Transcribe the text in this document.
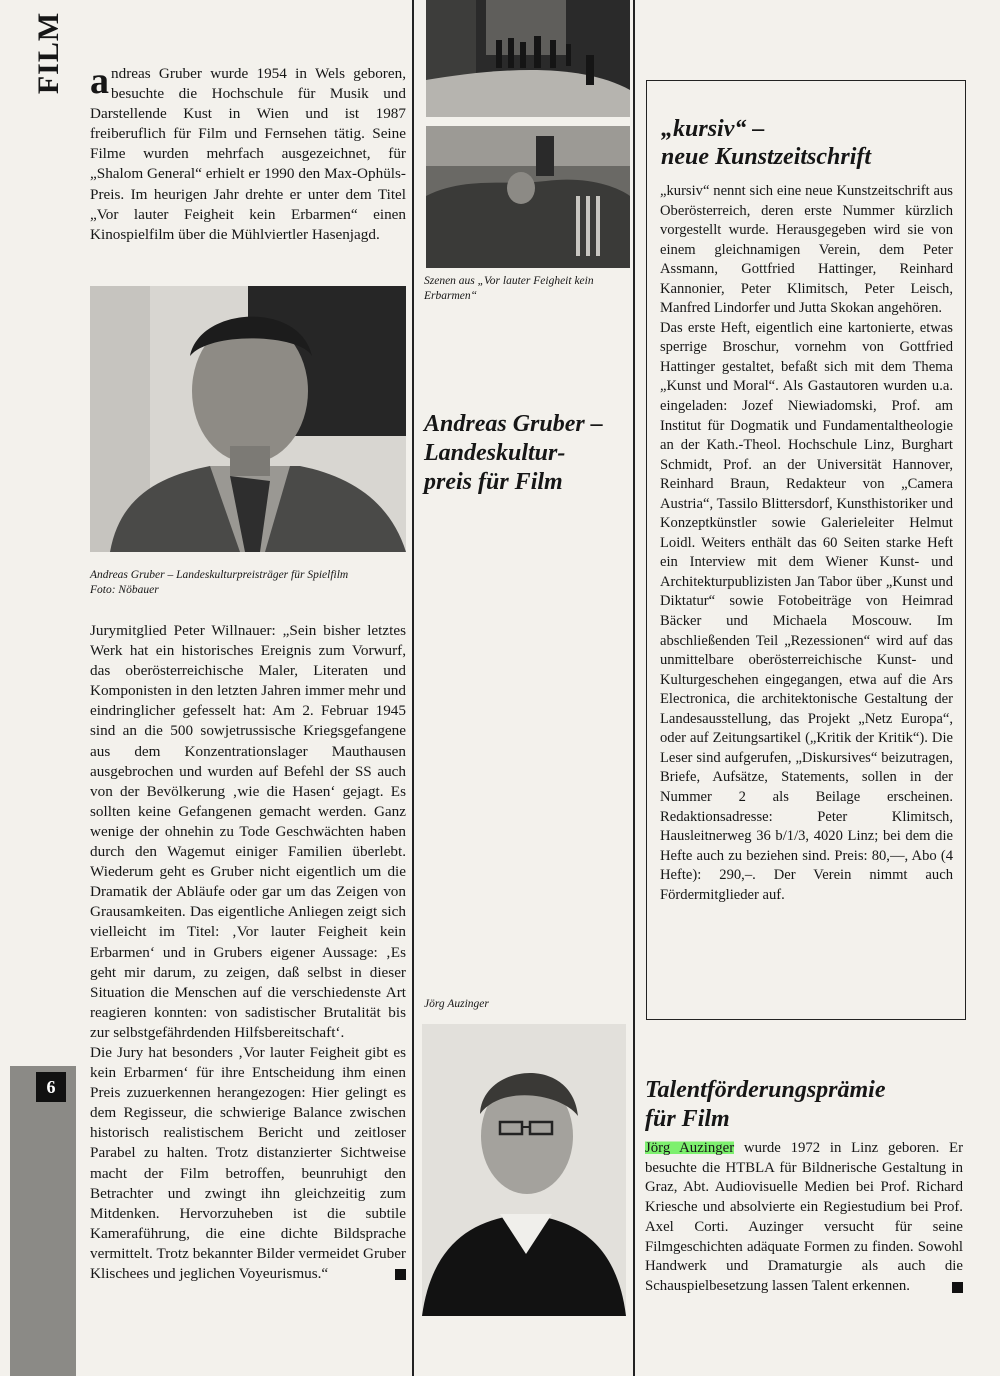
FILM
6
andreas Gruber wurde 1954 in Wels geboren, besuchte die Hochschule für Musik und Darstellende Kust in Wien und ist 1987 freiberuflich für Film und Fernsehen tätig. Seine Filme wurden mehrfach ausgezeichnet, für „Shalom General“ erhielt er 1990 den Max-Ophüls-Preis. Im heurigen Jahr drehte er unter dem Titel „Vor lauter Feigheit kein Erbarmen“ einen Kinospielfilm über die Mühlviertler Hasenjagd.
Andreas Gruber – Landeskulturpreisträger für Spielfilm
Foto: Nöbauer

Jurymitglied Peter Willnauer: „Sein bisher letztes Werk hat ein historisches Ereignis zum Vorwurf, das oberösterreichische Maler, Literaten und Komponisten in den letzten Jahren immer mehr und eindringlicher gefesselt hat: Am 2. Februar 1945 sind an die 500 sowjetrussische Kriegsgefangene aus dem Konzentrationslager Mauthausen ausgebrochen und wurden auf Befehl der SS auch von der Bevölkerung ‚wie die Hasen‘ gejagt. Es sollten keine Gefangenen gemacht werden. Ganz wenige der ohnehin zu Tode Geschwächten haben durch den Wagemut einiger Familien überlebt. Wiederum geht es Gruber nicht eigentlich um die Dramatik der Abläufe oder gar um das Zeigen von Grausamkeiten. Das eigentliche Anliegen zeigt sich vielleicht im Titel: ‚Vor lauter Feigheit kein Erbarmen‘ und in Grubers eigener Aussage: ‚Es geht mir darum, zu zeigen, daß selbst in dieser Situation die Menschen auf die verschiedenste Art reagieren konnten: von sadistischer Brutalität bis zur selbstgefährdenden Hilfsbereitschaft‘.

Die Jury hat besonders ‚Vor lauter Feigheit gibt es kein Erbarmen‘ für ihre Entscheidung ihm einen Preis zuzuerkennen herangezogen: Hier gelingt es dem Regisseur, die schwierige Balance zwischen historisch realistischem Bericht und zeitloser Parabel zu halten. Trotz distanzierter Sichtweise macht der Film betroffen, beunruhigt den Betrachter und zwingt ihn gleichzeitig zum Mitdenken. Hervorzuheben ist die subtile Kameraführung, die eine dichte Bildsprache vermittelt. Trotz bekannter Bilder vermeidet Gruber Klischees und jeglichen Voyeurismus.“

Szenen aus „Vor lauter Feigheit kein Erbarmen“
Andreas Gruber –
Landeskultur-
preis für Film
Jörg Auzinger
„kursiv“ –
neue Kunstzeitschrift

„kursiv“ nennt sich eine neue Kunstzeitschrift aus Oberösterreich, deren erste Nummer kürzlich vorgestellt wurde. Herausgegeben wird sie von einem gleichnamigen Verein, dem Peter Assmann, Gottfried Hattinger, Reinhard Kannonier, Peter Klimitsch, Peter Leisch, Manfred Lindorfer und Jutta Skokan angehören.

Das erste Heft, eigentlich eine kartonierte, etwas sperrige Broschur, vornehm von Gottfried Hattinger gestaltet, befaßt sich mit dem Thema „Kunst und Moral“. Als Gastautoren wurden u.a. eingeladen: Jozef Niewiadomski, Prof. am Institut für Dogmatik und Fundamentaltheologie an der Kath.-Theol. Hochschule Linz, Burghart Schmidt, Prof. an der Universität Hannover, Reinhard Braun, Redakteur von „Camera Austria“, Tassilo Blittersdorf, Kunsthistoriker und Konzeptkünstler sowie Galerieleiter Helmut Loidl. Weiters enthält das 60 Seiten starke Heft ein Interview mit dem Wiener Kunst- und Architekturpublizisten Jan Tabor über „Kunst und Diktatur“ sowie Fotobeiträge von Heimrad Bäcker und Michaela Moscouw. Im abschließenden Teil „Rezessionen“ wird auf das unmittelbare oberösterreichische Kunst- und Kulturgeschehen eingegangen, etwa auf die Ars Electronica, die architektonische Gestaltung der Landesausstellung, das Projekt „Netz Europa“, oder auf Zeitungsartikel („Kritik der Kritik“). Die Leser sind aufgerufen, „Diskursives“ beizutragen, Briefe, Aufsätze, Statements, sollen in der Nummer 2 als Beilage erscheinen. Redaktionsadresse: Peter Klimitsch, Hausleitnerweg 36 b/1/3, 4020 Linz; bei dem die Hefte auch zu beziehen sind. Preis: 80,—, Abo (4 Hefte): 290,–. Der Verein nimmt auch Fördermitglieder auf.

Talentförderungsprämie
für Film
Jörg Auzinger wurde 1972 in Linz geboren. Er besuchte die HTBLA für Bildnerische Gestaltung in Graz, Abt. Audiovisuelle Medien bei Prof. Richard Kriesche und absolvierte ein Regiestudium bei Prof. Axel Corti. Auzinger versucht für seine Filmgeschichten adäquate Formen zu finden. Sowohl Handwerk und Dramaturgie als auch die Schauspielbesetzung lassen Talent erkennen.
